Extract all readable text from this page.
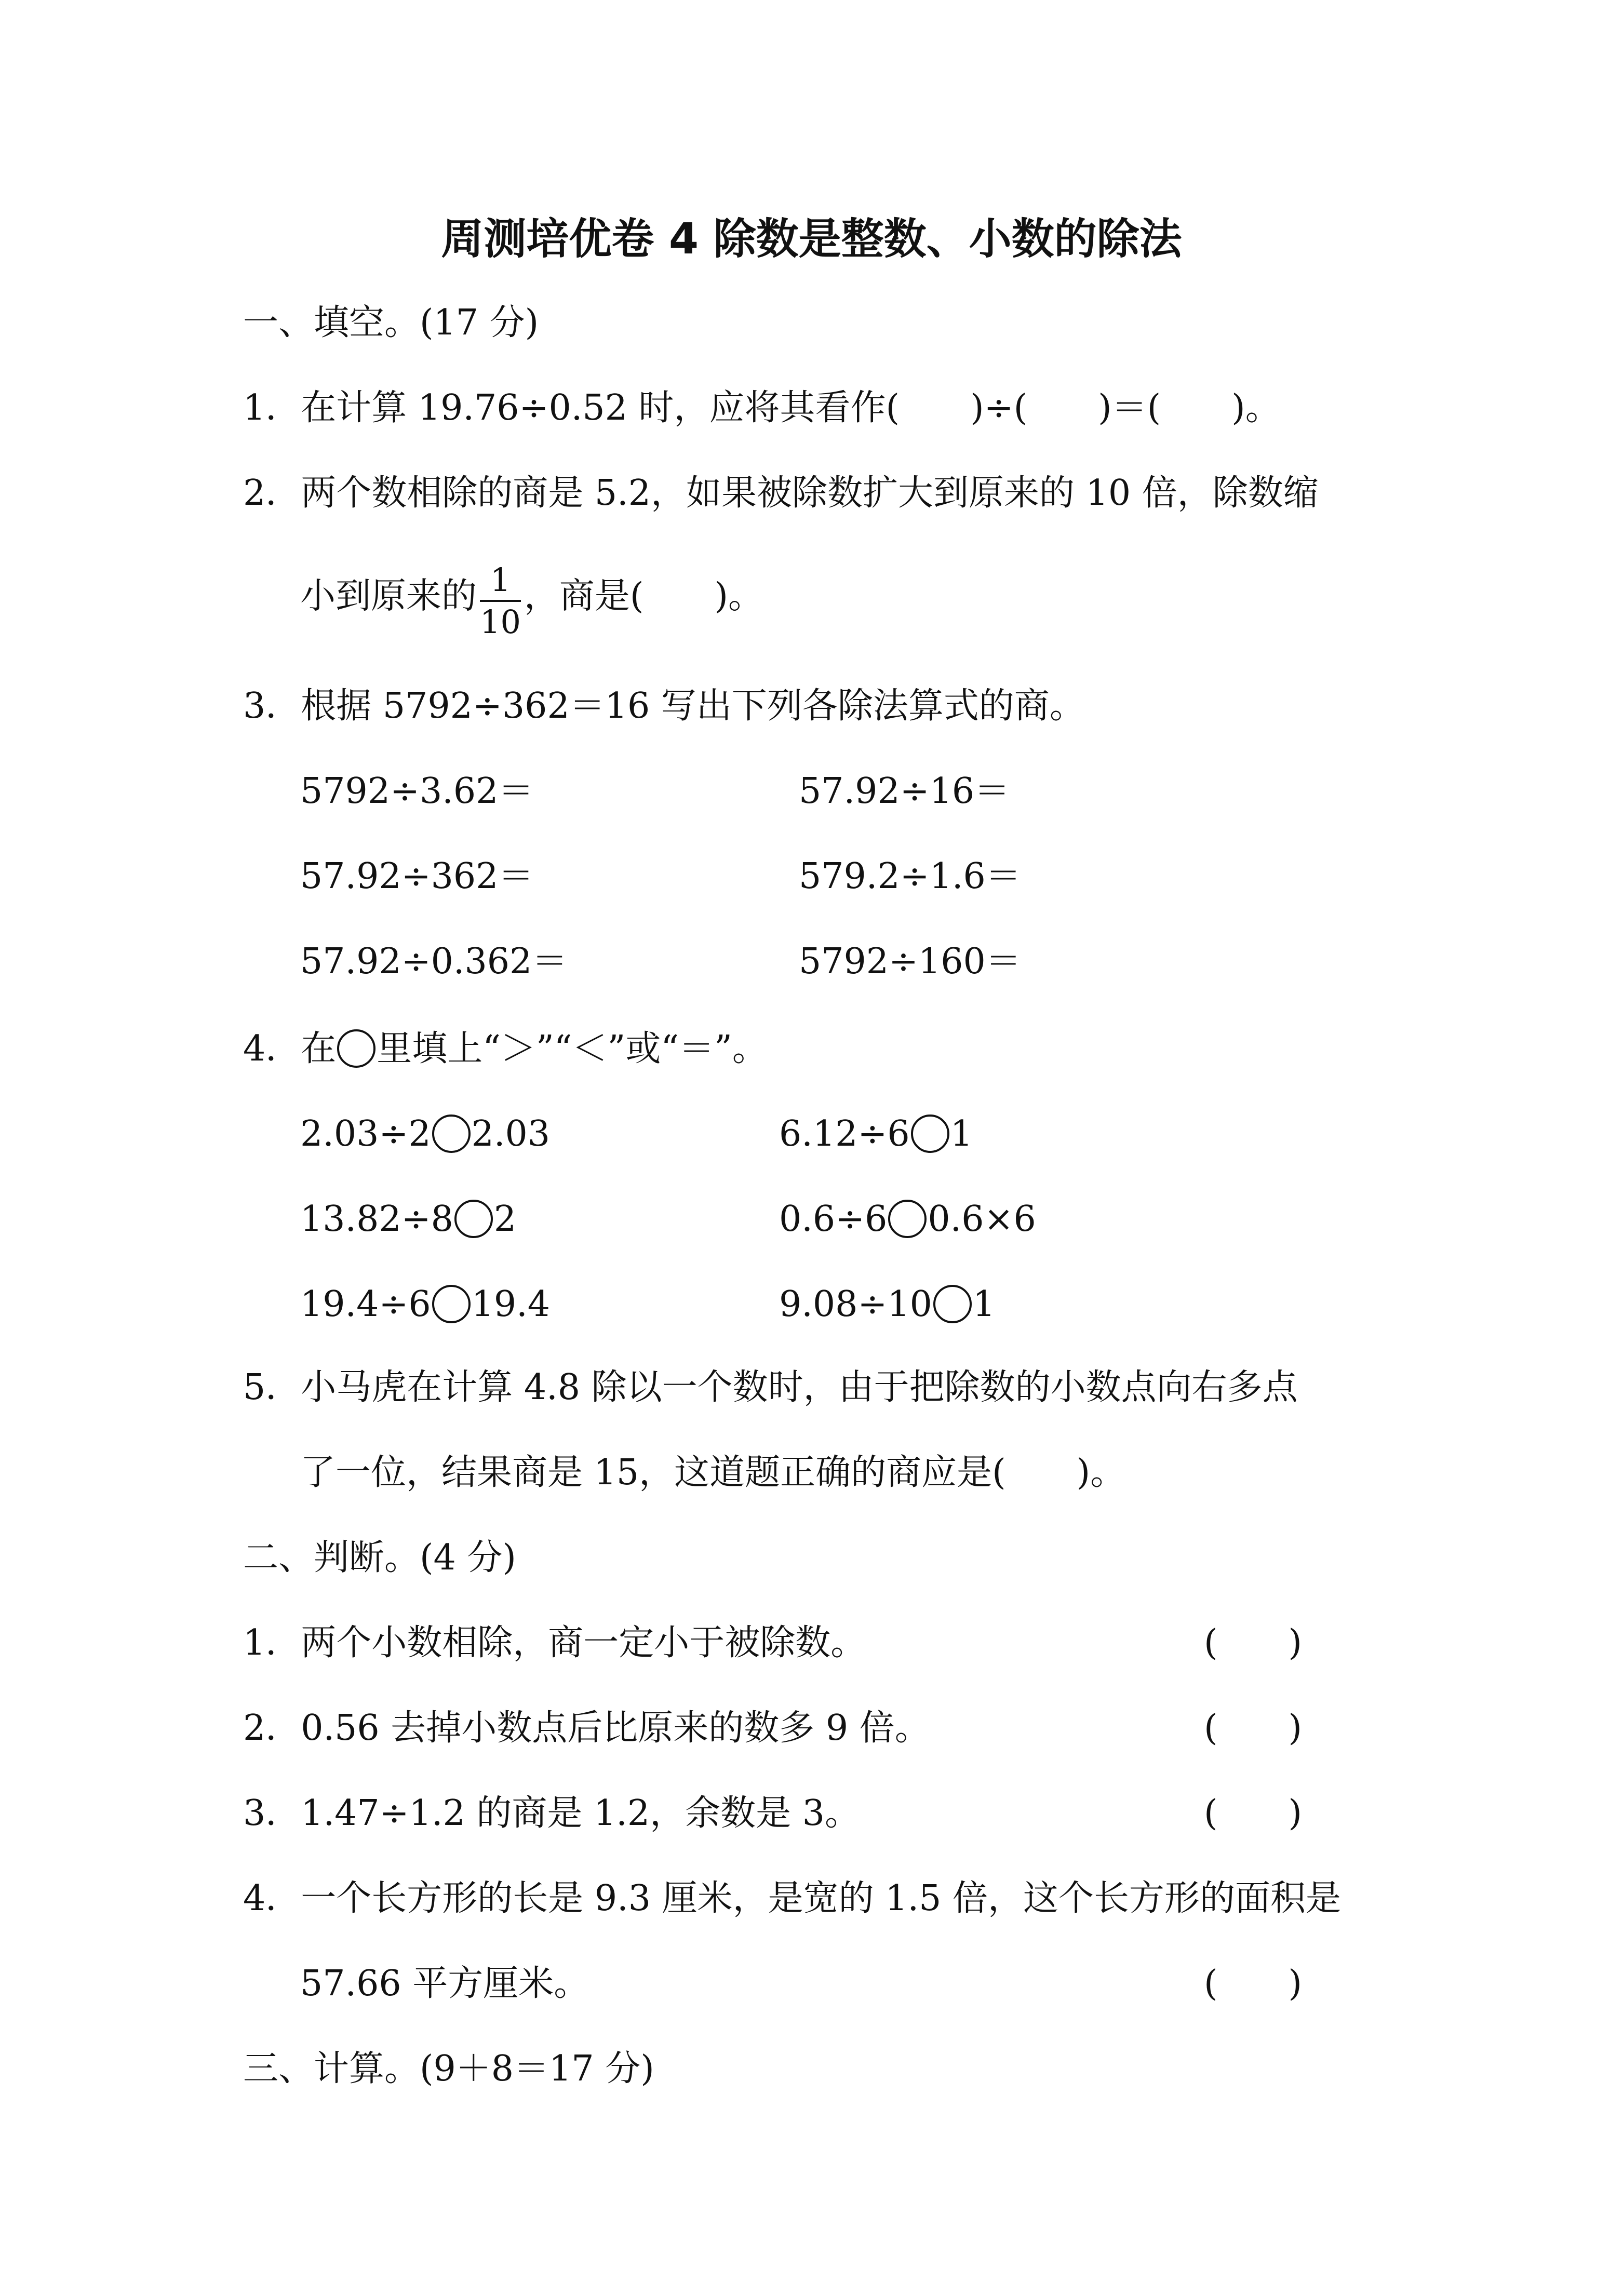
周测培优卷 4 除数是整数、小数的除法
一、填空。(17 分)
1．在计算 19.76÷0.52 时，应将其看作(　　)÷(　　)＝(　　)。
2．两个数相除的商是 5.2，如果被除数扩大到原来的 10 倍，除数缩
小到原来的 $\frac{1}{10}$ ，商是(　　)。
3．根据 5792÷362＝16 写出下列各除法算式的商。
5792÷3.62＝	57.92÷16＝
57.92÷362＝	579.2÷1.6＝
57.92÷0.362＝	5792÷160＝
4．在 里填上“＞”“＜”或“＝”。
2.03÷2 2.03	6.12÷6 1
13.82÷8 2	0.6÷6 0.6×6
19.4÷6 19.4	9.08÷10 1
5．小马虎在计算 4.8 除以一个数时，由于把除数的小数点向右多点
了一位，结果商是 15，这道题正确的商应是(　　)。
二、判断。(4 分)
1．两个小数相除，商一定小于被除数。	(　　)
2．0.56 去掉小数点后比原来的数多 9 倍。	(　　)
3．1.47÷1.2 的商是 1.2，余数是 3。	(　　)
4．一个长方形的长是 9.3 厘米，是宽的 1.5 倍，这个长方形的面积是
57.66 平方厘米。	(　　)
三、计算。(9＋8＝17 分)
